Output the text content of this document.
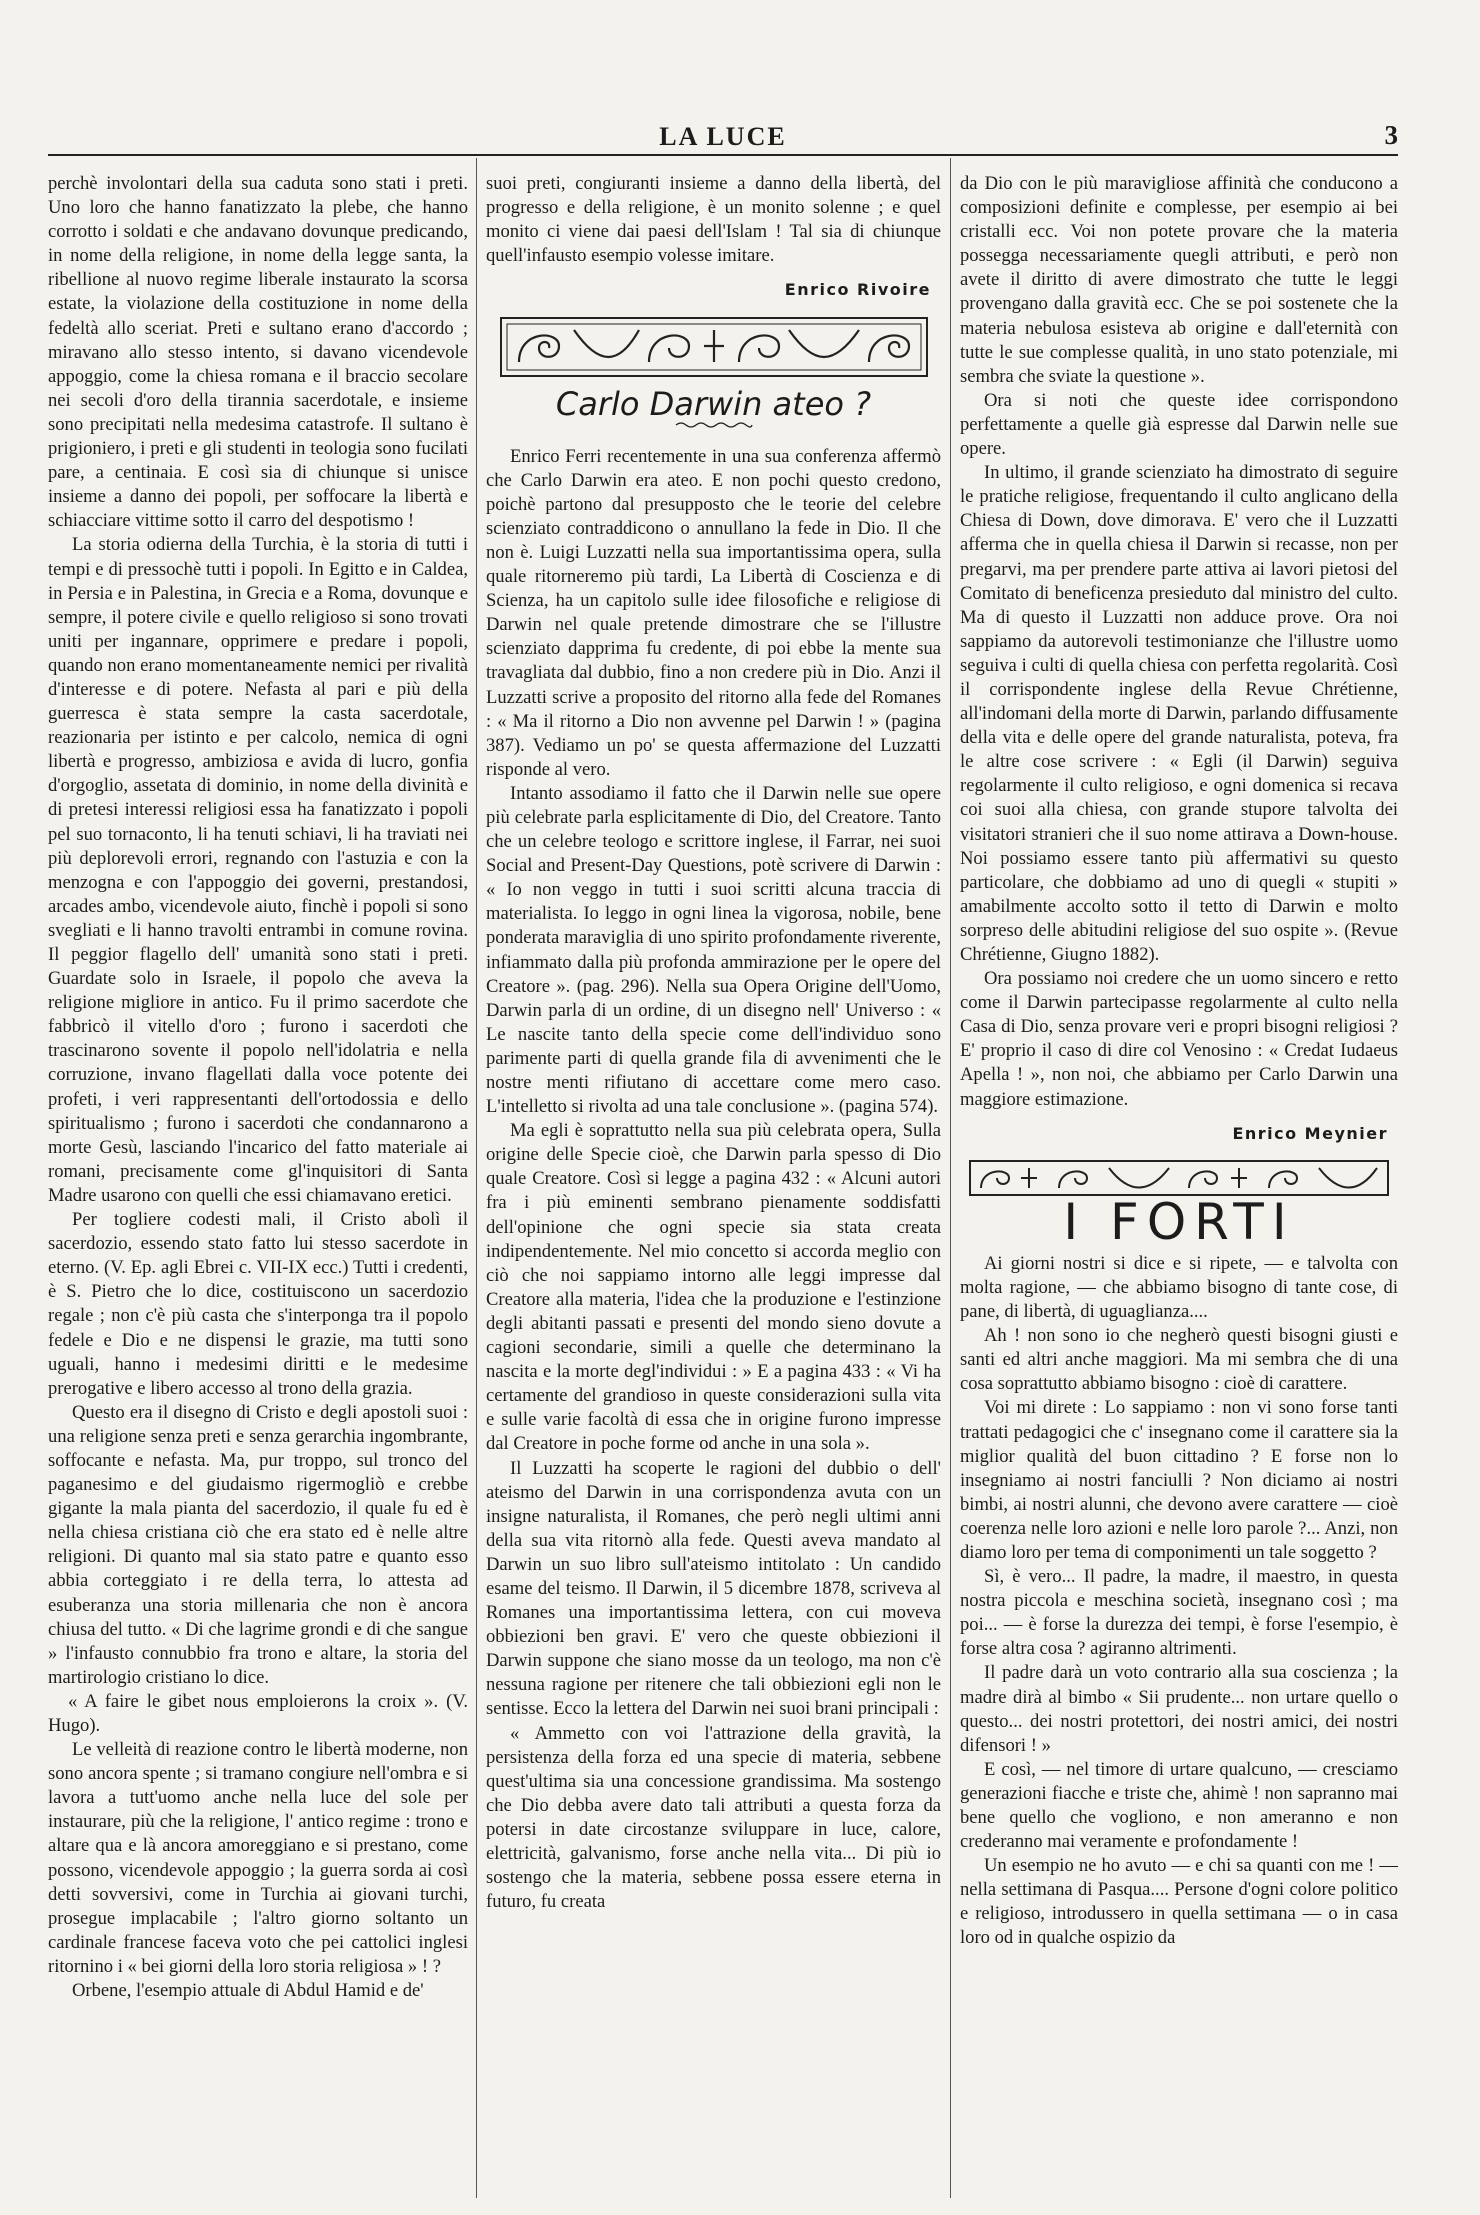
LA LUCE	3

perchè involontari della sua caduta sono stati i preti. Uno loro che hanno fanatizzato la plebe, che hanno corrotto i soldati e che andavano dovunque predicando, in nome della religione, in nome della legge santa, la ribellione al nuovo regime liberale instaurato la scorsa estate, la violazione della costituzione in nome della fedeltà allo sceriat. Preti e sultano erano d'accordo ; miravano allo stesso intento, si davano vicendevole appoggio, come la chiesa romana e il braccio secolare nei secoli d'oro della tirannia sacerdotale, e insieme sono precipitati nella medesima catastrofe. Il sultano è prigioniero, i preti e gli studenti in teologia sono fucilati pare, a centinaia. E così sia di chiunque si unisce insieme a danno dei popoli, per soffocare la libertà e schiacciare vittime sotto il carro del despotismo !

La storia odierna della Turchia, è la storia di tutti i tempi e di pressochè tutti i popoli. In Egitto e in Caldea, in Persia e in Palestina, in Grecia e a Roma, dovunque e sempre, il potere civile e quello religioso si sono trovati uniti per ingannare, opprimere e predare i popoli, quando non erano momentaneamente nemici per rivalità d'interesse e di potere. Nefasta al pari e più della guerresca è stata sempre la casta sacerdotale, reazionaria per istinto e per calcolo, nemica di ogni libertà e progresso, ambiziosa e avida di lucro, gonfia d'orgoglio, assetata di dominio, in nome della divinità e di pretesi interessi religiosi essa ha fanatizzato i popoli pel suo tornaconto, li ha tenuti schiavi, li ha traviati nei più deplorevoli errori, regnando con l'astuzia e con la menzogna e con l'appoggio dei governi, prestandosi, arcades ambo, vicendevole aiuto, finchè i popoli si sono svegliati e li hanno travolti entrambi in comune rovina. Il peggior flagello dell' umanità sono stati i preti. Guardate solo in Israele, il popolo che aveva la religione migliore in antico. Fu il primo sacerdote che fabbricò il vitello d'oro ; furono i sacerdoti che trascinarono sovente il popolo nell'idolatria e nella corruzione, invano flagellati dalla voce potente dei profeti, i veri rappresentanti dell'ortodossia e dello spiritualismo ; furono i sacerdoti che condannarono a morte Gesù, lasciando l'incarico del fatto materiale ai romani, precisamente come gl'inquisitori di Santa Madre usarono con quelli che essi chiamavano eretici.

Per togliere codesti mali, il Cristo abolì il sacerdozio, essendo stato fatto lui stesso sacerdote in eterno. (V. Ep. agli Ebrei c. VII-IX ecc.) Tutti i credenti, è S. Pietro che lo dice, costituiscono un sacerdozio regale ; non c'è più casta che s'interponga tra il popolo fedele e Dio e ne dispensi le grazie, ma tutti sono uguali, hanno i medesimi diritti e le medesime prerogative e libero accesso al trono della grazia.

Questo era il disegno di Cristo e degli apostoli suoi : una religione senza preti e senza gerarchia ingombrante, soffocante e nefasta. Ma, pur troppo, sul tronco del paganesimo e del giudaismo rigermogliò e crebbe gigante la mala pianta del sacerdozio, il quale fu ed è nella chiesa cristiana ciò che era stato ed è nelle altre religioni. Di quanto mal sia stato patre e quanto esso abbia corteggiato i re della terra, lo attesta ad esuberanza una storia millenaria che non è ancora chiusa del tutto. « Di che lagrime grondi e di che sangue » l'infausto connubbio fra trono e altare, la storia del martirologio cristiano lo dice.

« A faire le gibet nous emploierons la croix ». (V. Hugo).

Le velleità di reazione contro le libertà moderne, non sono ancora spente ; si tramano congiure nell'ombra e si lavora a tutt'uomo anche nella luce del sole per instaurare, più che la religione, l' antico regime : trono e altare qua e là ancora amoreggiano e si prestano, come possono, vicendevole appoggio ; la guerra sorda ai così detti sovversivi, come in Turchia ai giovani turchi, prosegue implacabile ; l'altro giorno soltanto un cardinale francese faceva voto che pei cattolici inglesi ritornino i « bei giorni della loro storia religiosa » ! ?

Orbene, l'esempio attuale di Abdul Hamid e de'

suoi preti, congiuranti insieme a danno della libertà, del progresso e della religione, è un monito solenne ; e quel monito ci viene dai paesi dell'Islam ! Tal sia di chiunque quell'infausto esempio volesse imitare.

Enrico Rivoire
Carlo Darwin ateo ?

Enrico Ferri recentemente in una sua conferenza affermò che Carlo Darwin era ateo. E non pochi questo credono, poichè partono dal presupposto che le teorie del celebre scienziato contraddicono o annullano la fede in Dio. Il che non è. Luigi Luzzatti nella sua importantissima opera, sulla quale ritorneremo più tardi, La Libertà di Coscienza e di Scienza, ha un capitolo sulle idee filosofiche e religiose di Darwin nel quale pretende dimostrare che se l'illustre scienziato dapprima fu credente, di poi ebbe la mente sua travagliata dal dubbio, fino a non credere più in Dio. Anzi il Luzzatti scrive a proposito del ritorno alla fede del Romanes : « Ma il ritorno a Dio non avvenne pel Darwin ! » (pagina 387). Vediamo un po' se questa affermazione del Luzzatti risponde al vero.

Intanto assodiamo il fatto che il Darwin nelle sue opere più celebrate parla esplicitamente di Dio, del Creatore. Tanto che un celebre teologo e scrittore inglese, il Farrar, nei suoi Social and Present-Day Questions, potè scrivere di Darwin : « Io non veggo in tutti i suoi scritti alcuna traccia di materialista. Io leggo in ogni linea la vigorosa, nobile, bene ponderata maraviglia di uno spirito profondamente riverente, infiammato dalla più profonda ammirazione per le opere del Creatore ». (pag. 296). Nella sua Opera Origine dell'Uomo, Darwin parla di un ordine, di un disegno nell' Universo : « Le nascite tanto della specie come dell'individuo sono parimente parti di quella grande fila di avvenimenti che le nostre menti rifiutano di accettare come mero caso. L'intelletto si rivolta ad una tale conclusione ». (pagina 574).

Ma egli è soprattutto nella sua più celebrata opera, Sulla origine delle Specie cioè, che Darwin parla spesso di Dio quale Creatore. Così si legge a pagina 432 : « Alcuni autori fra i più eminenti sembrano pienamente soddisfatti dell'opinione che ogni specie sia stata creata indipendentemente. Nel mio concetto si accorda meglio con ciò che noi sappiamo intorno alle leggi impresse dal Creatore alla materia, l'idea che la produzione e l'estinzione degli abitanti passati e presenti del mondo sieno dovute a cagioni secondarie, simili a quelle che determinano la nascita e la morte degl'individui : » E a pagina 433 : « Vi ha certamente del grandioso in queste considerazioni sulla vita e sulle varie facoltà di essa che in origine furono impresse dal Creatore in poche forme od anche in una sola ».

Il Luzzatti ha scoperte le ragioni del dubbio o dell' ateismo del Darwin in una corrispondenza avuta con un insigne naturalista, il Romanes, che però negli ultimi anni della sua vita ritornò alla fede. Questi aveva mandato al Darwin un suo libro sull'ateismo intitolato : Un candido esame del teismo. Il Darwin, il 5 dicembre 1878, scriveva al Romanes una importantissima lettera, con cui moveva obbiezioni ben gravi. E' vero che queste obbiezioni il Darwin suppone che siano mosse da un teologo, ma non c'è nessuna ragione per ritenere che tali obbiezioni egli non le sentisse. Ecco la lettera del Darwin nei suoi brani principali :

« Ammetto con voi l'attrazione della gravità, la persistenza della forza ed una specie di materia, sebbene quest'ultima sia una concessione grandissima. Ma sostengo che Dio debba avere dato tali attributi a questa forza da potersi in date circostanze svilupparе in luce, calore, elettricità, galvanismo, forse anche nella vita... Di più io sostengo che la materia, sebbene possa essere eterna in futuro, fu creata

da Dio con le più maravigliose affinità che conducono a composizioni definite e complesse, per esempio ai bei cristalli ecc. Voi non potete provare che la materia possegga necessariamente quegli attributi, e però non avete il diritto di avere dimostrato che tutte le leggi provengano dalla gravità ecc. Che se poi sostenete che la materia nebulosa esisteva ab origine e dall'eternità con tutte le sue complesse qualità, in uno stato potenziale, mi sembra che sviate la questione ».

Ora si noti che queste idee corrispondono perfettamente a quelle già espresse dal Darwin nelle sue opere.

In ultimo, il grande scienziato ha dimostrato di seguire le pratiche religiose, frequentando il culto anglicano della Chiesa di Down, dove dimorava. E' vero che il Luzzatti afferma che in quella chiesa il Darwin si recasse, non per pregarvi, ma per prendere parte attiva ai lavori pietosi del Comitato di beneficenza presieduto dal ministro del culto. Ma di questo il Luzzatti non adduce prove. Ora noi sappiamo da autorevoli testimonianze che l'illustre uomo seguiva i culti di quella chiesa con perfetta regolarità. Così il corrispondente inglese della Revue Chrétienne, all'indomani della morte di Darwin, parlando diffusamente della vita e delle opere del grande naturalista, poteva, fra le altre cose scrivere : « Egli (il Darwin) seguiva regolarmente il culto religioso, e ogni domenica si recava coi suoi alla chiesa, con grande stupore talvolta dei visitatori stranieri che il suo nome attirava a Down-house. Noi possiamo essere tanto più affermativi su questo particolare, che dobbiamo ad uno di quegli « stupiti » amabilmente accolto sotto il tetto di Darwin e molto sorpreso delle abitudini religiose del suo ospite ». (Revue Chrétienne, Giugno 1882).

Ora possiamo noi credere che un uomo sincero e retto come il Darwin partecipasse regolarmente al culto nella Casa di Dio, senza provare veri e propri bisogni religiosi ? E' proprio il caso di dire col Venosino : « Credat Iudaeus Apella ! », non noi, che abbiamo per Carlo Darwin una maggiore estimazione.

Enrico Meynier
I FORTI

Ai giorni nostri si dice e si ripete, — e talvolta con molta ragione, — che abbiamo bisogno di tante cose, di pane, di libertà, di uguaglianza....

Ah ! non sono io che negherò questi bisogni giusti e santi ed altri anche maggiori. Ma mi sembra che di una cosa soprattutto abbiamo bisogno : cioè di carattere.

Voi mi direte : Lo sappiamo : non vi sono forse tanti trattati pedagogici che c' insegnano come il carattere sia la miglior qualità del buon cittadino ? E forse non lo insegniamo ai nostri fanciulli ? Non diciamo ai nostri bimbi, ai nostri alunni, che devono avere carattere — cioè coerenza nelle loro azioni e nelle loro parole ?... Anzi, non diamo loro per tema di componimenti un tale soggetto ?

Sì, è vero... Il padre, la madre, il maestro, in questa nostra piccola e meschina società, insegnano così ; ma poi... — è forse la durezza dei tempi, è forse l'esempio, è forse altra cosa ? agiranno altrimenti.

Il padre darà un voto contrario alla sua coscienza ; la madre dirà al bimbo « Sii prudente... non urtare quello o questo... dei nostri protettori, dei nostri amici, dei nostri difensori ! »

E così, — nel timore di urtare qualcuno, — cresciamo generazioni fiacche e triste che, ahimè ! non sapranno mai bene quello che vogliono, e non ameranno e non crederanno mai veramente e profondamente !

Un esempio ne ho avuto — e chi sa quanti con me ! — nella settimana di Pasqua.... Persone d'ogni colore politico e religioso, introdussero in quella settimana — o in casa loro od in qualche ospizio da
